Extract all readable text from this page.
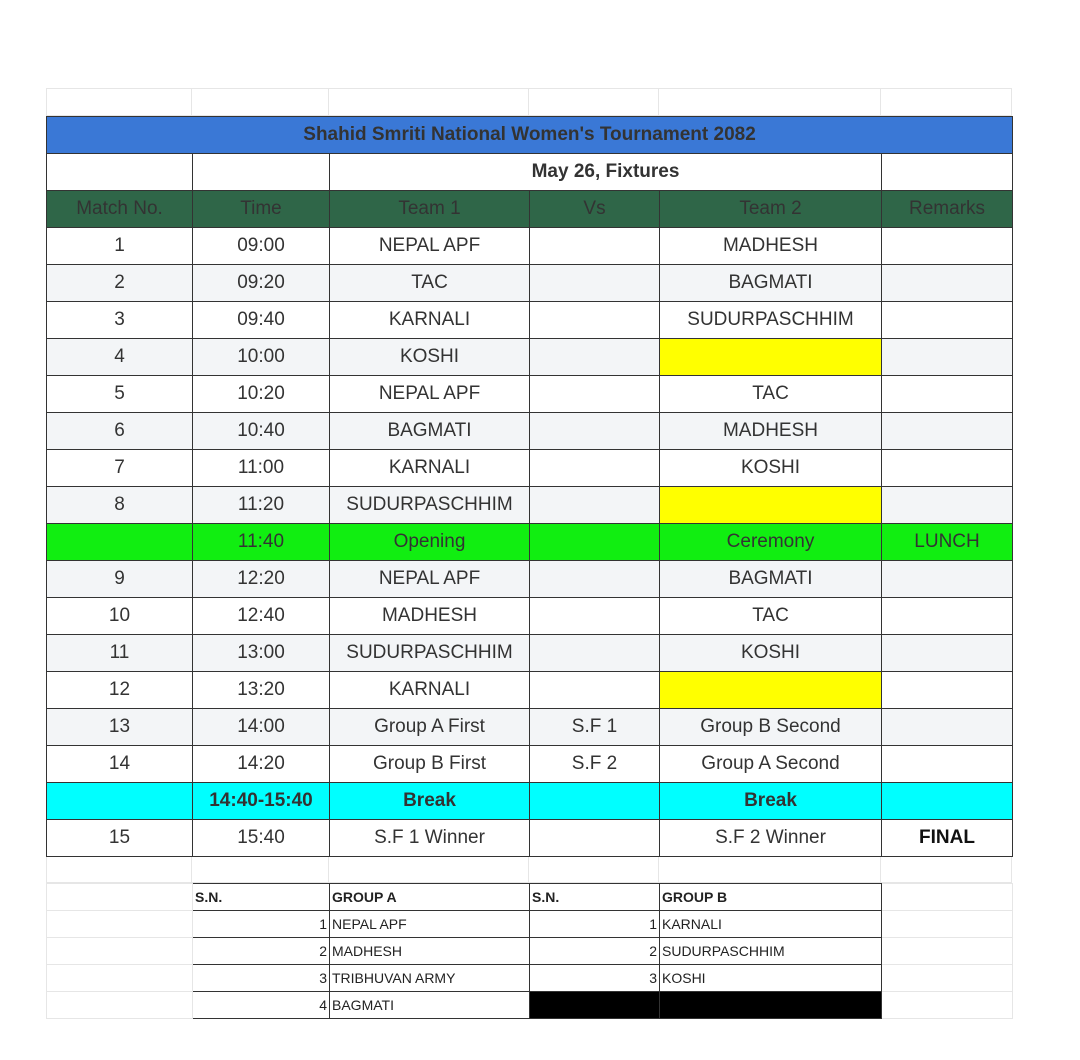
Shahid Smriti National Women's Tournament 2082					
		May 26, Fixtures			
Match No.	Time	Team 1	Vs	Team 2	Remarks
1	09:00	NEPAL APF		MADHESH	
2	09:20	TAC		BAGMATI	
3	09:40	KARNALI		SUDURPASCHHIM	
4	10:00	KOSHI			
5	10:20	NEPAL APF		TAC	
6	10:40	BAGMATI		MADHESH	
7	11:00	KARNALI		KOSHI	
8	11:20	SUDURPASCHHIM			
	11:40	Opening		Ceremony	LUNCH
9	12:20	NEPAL APF		BAGMATI	
10	12:40	MADHESH		TAC	
11	13:00	SUDURPASCHHIM		KOSHI	
12	13:20	KARNALI			
13	14:00	Group A First	S.F 1	Group B Second	
14	14:20	Group B First	S.F 2	Group A Second	
	14:40-15:40	Break		Break	
15	15:40	S.F 1 Winner		S.F 2 Winner	FINAL
	S.N.	GROUP A	S.N.	GROUP B	
	1	NEPAL APF	1	KARNALI	
	2	MADHESH	2	SUDURPASCHHIM	
	3	TRIBHUVAN ARMY	3	KOSHI	
	4	BAGMATI			
